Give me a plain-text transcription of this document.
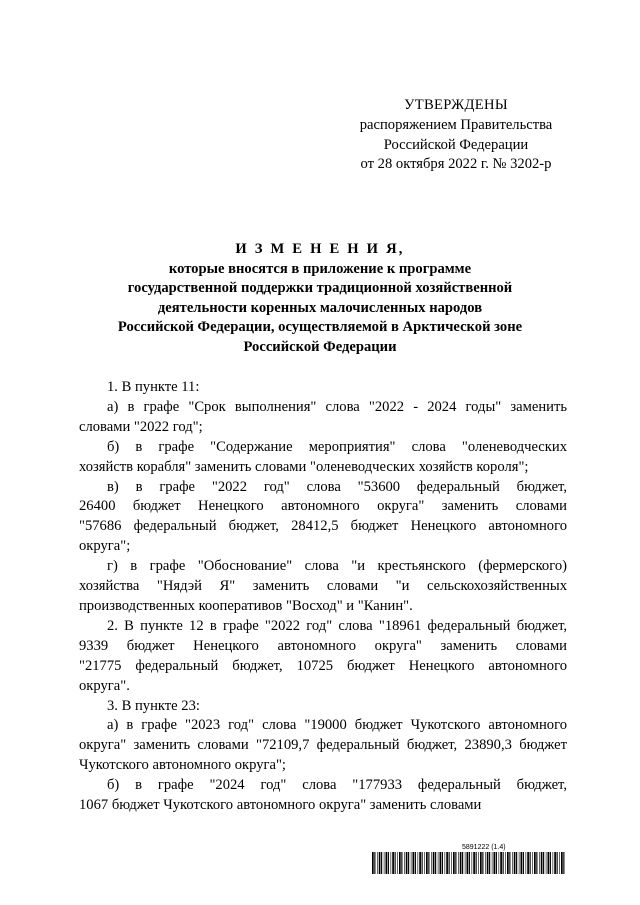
УТВЕРЖДЕНЫ
распоряжением Правительства
Российской Федерации
от 28 октября 2022 г. № 3202-р
И З М Е Н Е Н И Я,
которые вносятся в приложение к программе
государственной поддержки традиционной хозяйственной
деятельности коренных малочисленных народов
Российской Федерации, осуществляемой в Арктической зоне
Российской Федерации
1. В пункте 11:
а) в графе "Срок выполнения" слова "2022 - 2024 годы" заменить
словами "2022 год";
б) в графе "Содержание мероприятия" слова "оленеводческих
хозяйств корабля" заменить словами "оленеводческих хозяйств короля";
в) в графе "2022 год" слова "53600 федеральный бюджет,
26400 бюджет Ненецкого автономного округа" заменить словами
"57686 федеральный бюджет, 28412,5 бюджет Ненецкого автономного
округа";
г) в графе "Обоснование" слова "и крестьянского (фермерского)
хозяйства "Нядэй Я" заменить словами "и сельскохозяйственных
производственных кооперативов "Восход" и "Канин".
2. В пункте 12 в графе "2022 год" слова "18961 федеральный бюджет,
9339 бюджет Ненецкого автономного округа" заменить словами
"21775 федеральный бюджет, 10725 бюджет Ненецкого автономного
округа".
3. В пункте 23:
а) в графе "2023 год" слова "19000 бюджет Чукотского автономного
округа" заменить словами "72109,7 федеральный бюджет, 23890,3 бюджет
Чукотского автономного округа";
б) в графе "2024 год" слова "177933 федеральный бюджет,
1067 бюджет Чукотского автономного округа" заменить словами
5891222 (1.4)
